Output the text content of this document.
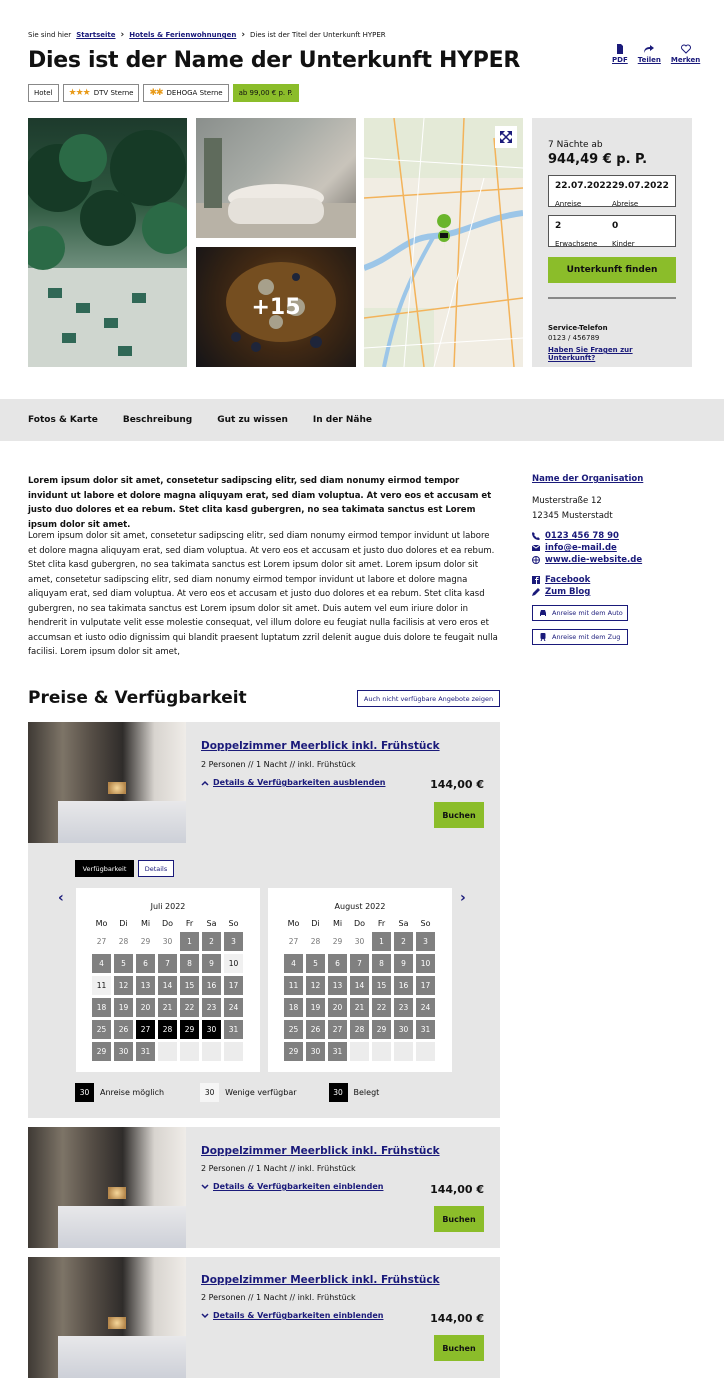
Sie sind hier Startseite › Hotels & Ferienwohnungen › Dies ist der Titel der Unterkunft HYPER
Dies ist der Name der Unterkunft HYPER	PDF Teilen Merken
Hotel ★★★ DTV Sterne ✱✱ DEHOGA Sterne ab 99,00 € p. P.
+15
7 Nächte ab
944,49 € p. P.
22.07.2022
Anreise
29.07.2022
Abreise
2
Erwachsene
0
Kinder
Unterkunft finden
Service-Telefon
0123 / 456789
Haben Sie Fragen zur Unterkunft?
Fotos & Karte	Beschreibung	Gut zu wissen	In der Nähe

Lorem ipsum dolor sit amet, consetetur sadipscing elitr, sed diam nonumy eirmod tempor invidunt ut labore et dolore magna aliquyam erat, sed diam voluptua. At vero eos et accusam et justo duo dolores et ea rebum. Stet clita kasd gubergren, no sea takimata sanctus est Lorem ipsum dolor sit amet.

Lorem ipsum dolor sit amet, consetetur sadipscing elitr, sed diam nonumy eirmod tempor invidunt ut labore et dolore magna aliquyam erat, sed diam voluptua. At vero eos et accusam et justo duo dolores et ea rebum. Stet clita kasd gubergren, no sea takimata sanctus est Lorem ipsum dolor sit amet. Lorem ipsum dolor sit amet, consetetur sadipscing elitr, sed diam nonumy eirmod tempor invidunt ut labore et dolore magna aliquyam erat, sed diam voluptua. At vero eos et accusam et justo duo dolores et ea rebum. Stet clita kasd gubergren, no sea takimata sanctus est Lorem ipsum dolor sit amet. Duis autem vel eum iriure dolor in hendrerit in vulputate velit esse molestie consequat, vel illum dolore eu feugiat nulla facilisis at vero eros et accumsan et iusto odio dignissim qui blandit praesent luptatum zzril delenit augue duis dolore te feugait nulla facilisi. Lorem ipsum dolor sit amet,

Name der Organisation
Musterstraße 12
12345 Musterstadt
0123 456 78 90
info@e-mail.de
www.die-website.de
Facebook
Zum Blog
Anreise mit dem Auto
Anreise mit dem Zug
Preise & Verfügbarkeit	Auch nicht verfügbare Angebote zeigen
Doppelzimmer Meerblick inkl. Frühstück
2 Personen // 1 Nacht // inkl. Frühstück
Details & Verfügbarkeiten ausblenden	144,00 €
Buchen
Verfügbarkeit	Details
‹	›
Juli 2022
Mo	Di	Mi	Do	Fr	Sa	So
27	28	29	30	1	2	3
4	5	6	7	8	9	10
11	12	13	14	15	16	17
18	19	20	21	22	23	24
25	26	27	28	29	30	31
29	30	31
August 2022
Mo	Di	Mi	Do	Fr	Sa	So
27	28	29	30	1	2	3
4	5	6	7	8	9	10
11	12	13	14	15	16	17
18	19	20	21	22	23	24
25	26	27	28	29	30	31
29	30	31
30	Anreise möglich	30	Wenige verfügbar	30	Belegt
Doppelzimmer Meerblick inkl. Frühstück
2 Personen // 1 Nacht // inkl. Frühstück
Details & Verfügbarkeiten einblenden	144,00 €
Buchen
Doppelzimmer Meerblick inkl. Frühstück
2 Personen // 1 Nacht // inkl. Frühstück
Details & Verfügbarkeiten einblenden	144,00 €
Buchen
